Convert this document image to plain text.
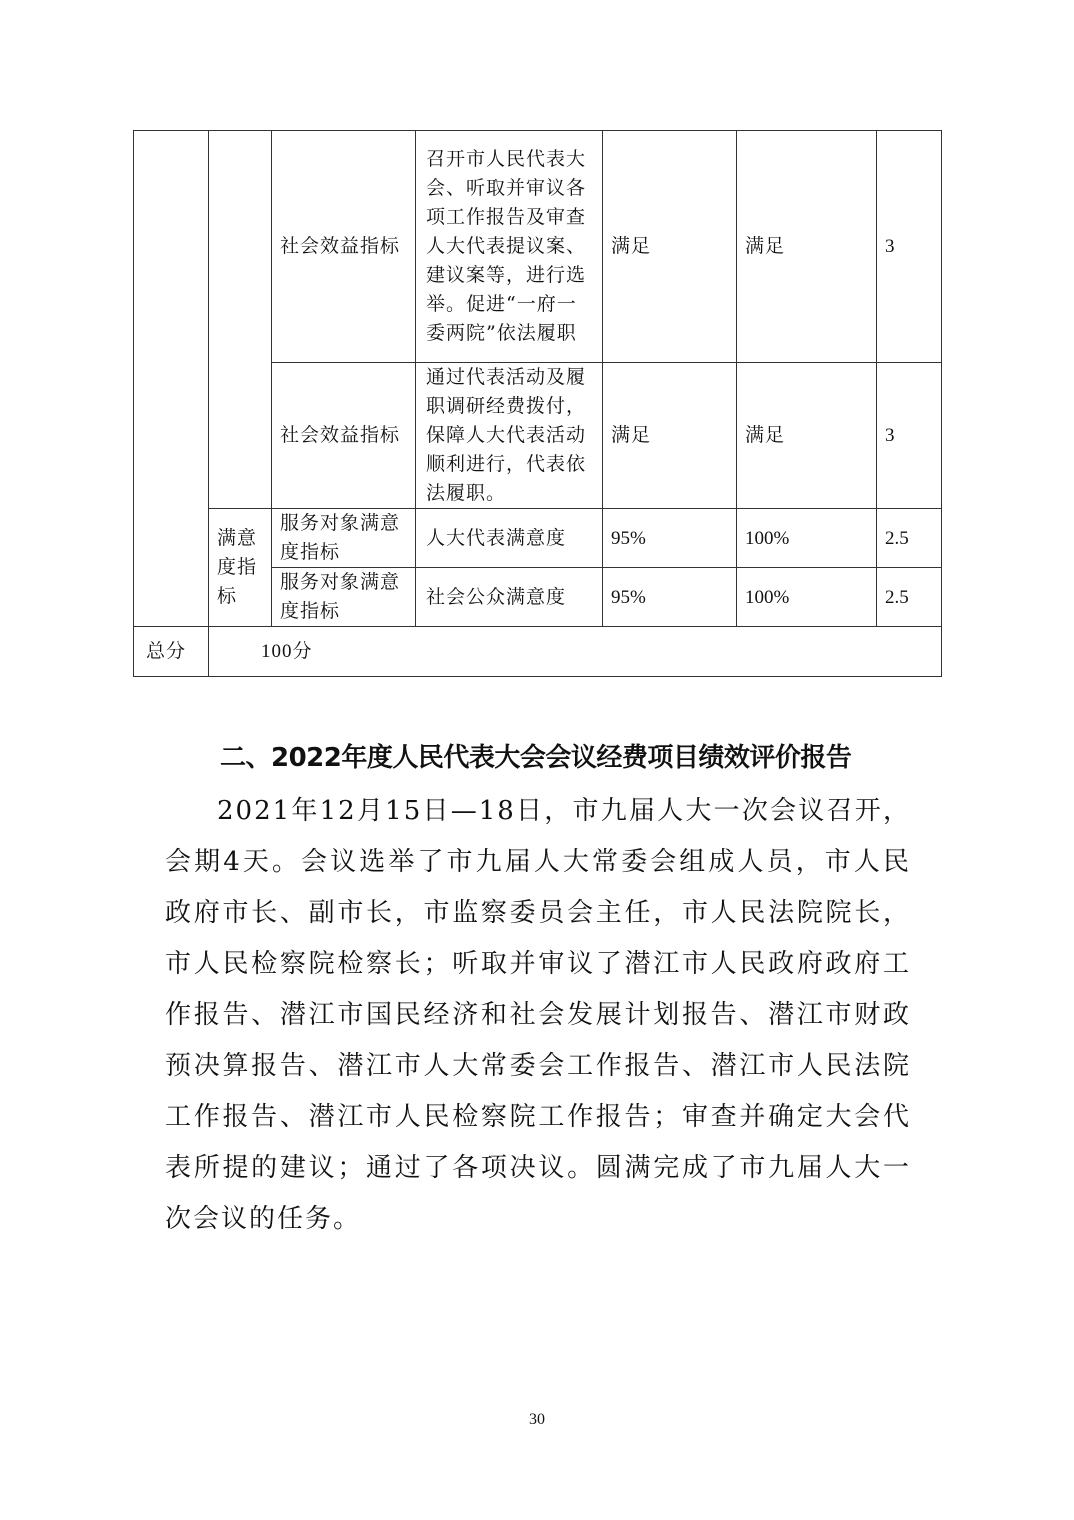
		社会效益指标	召开市人民代表大会、听取并审议各项工作报告及审查人大代表提议案、建议案等，进行选举。促进“一府一委两院”依法履职	满足	满足	3
		社会效益指标	通过代表活动及履职调研经费拨付，保障人大代表活动顺利进行，代表依法履职。	满足	满足	3
	满意度指标	服务对象满意度指标	人大代表满意度	95%	100%	2.5
		服务对象满意度指标	社会公众满意度	95%	100%	2.5
总分	100分					
二、2022年度人民代表大会会议经费项目绩效评价报告

2021年12月15日—18日，市九届人大一次会议召开，会期4天。会议选举了市九届人大常委会组成人员，市人民政府市长、副市长，市监察委员会主任，市人民法院院长，市人民检察院检察长；听取并审议了潜江市人民政府政府工作报告、潜江市国民经济和社会发展计划报告、潜江市财政预决算报告、潜江市人大常委会工作报告、潜江市人民法院工作报告、潜江市人民检察院工作报告；审查并确定大会代表所提的建议；通过了各项决议。圆满完成了市九届人大一次会议的任务。

30
